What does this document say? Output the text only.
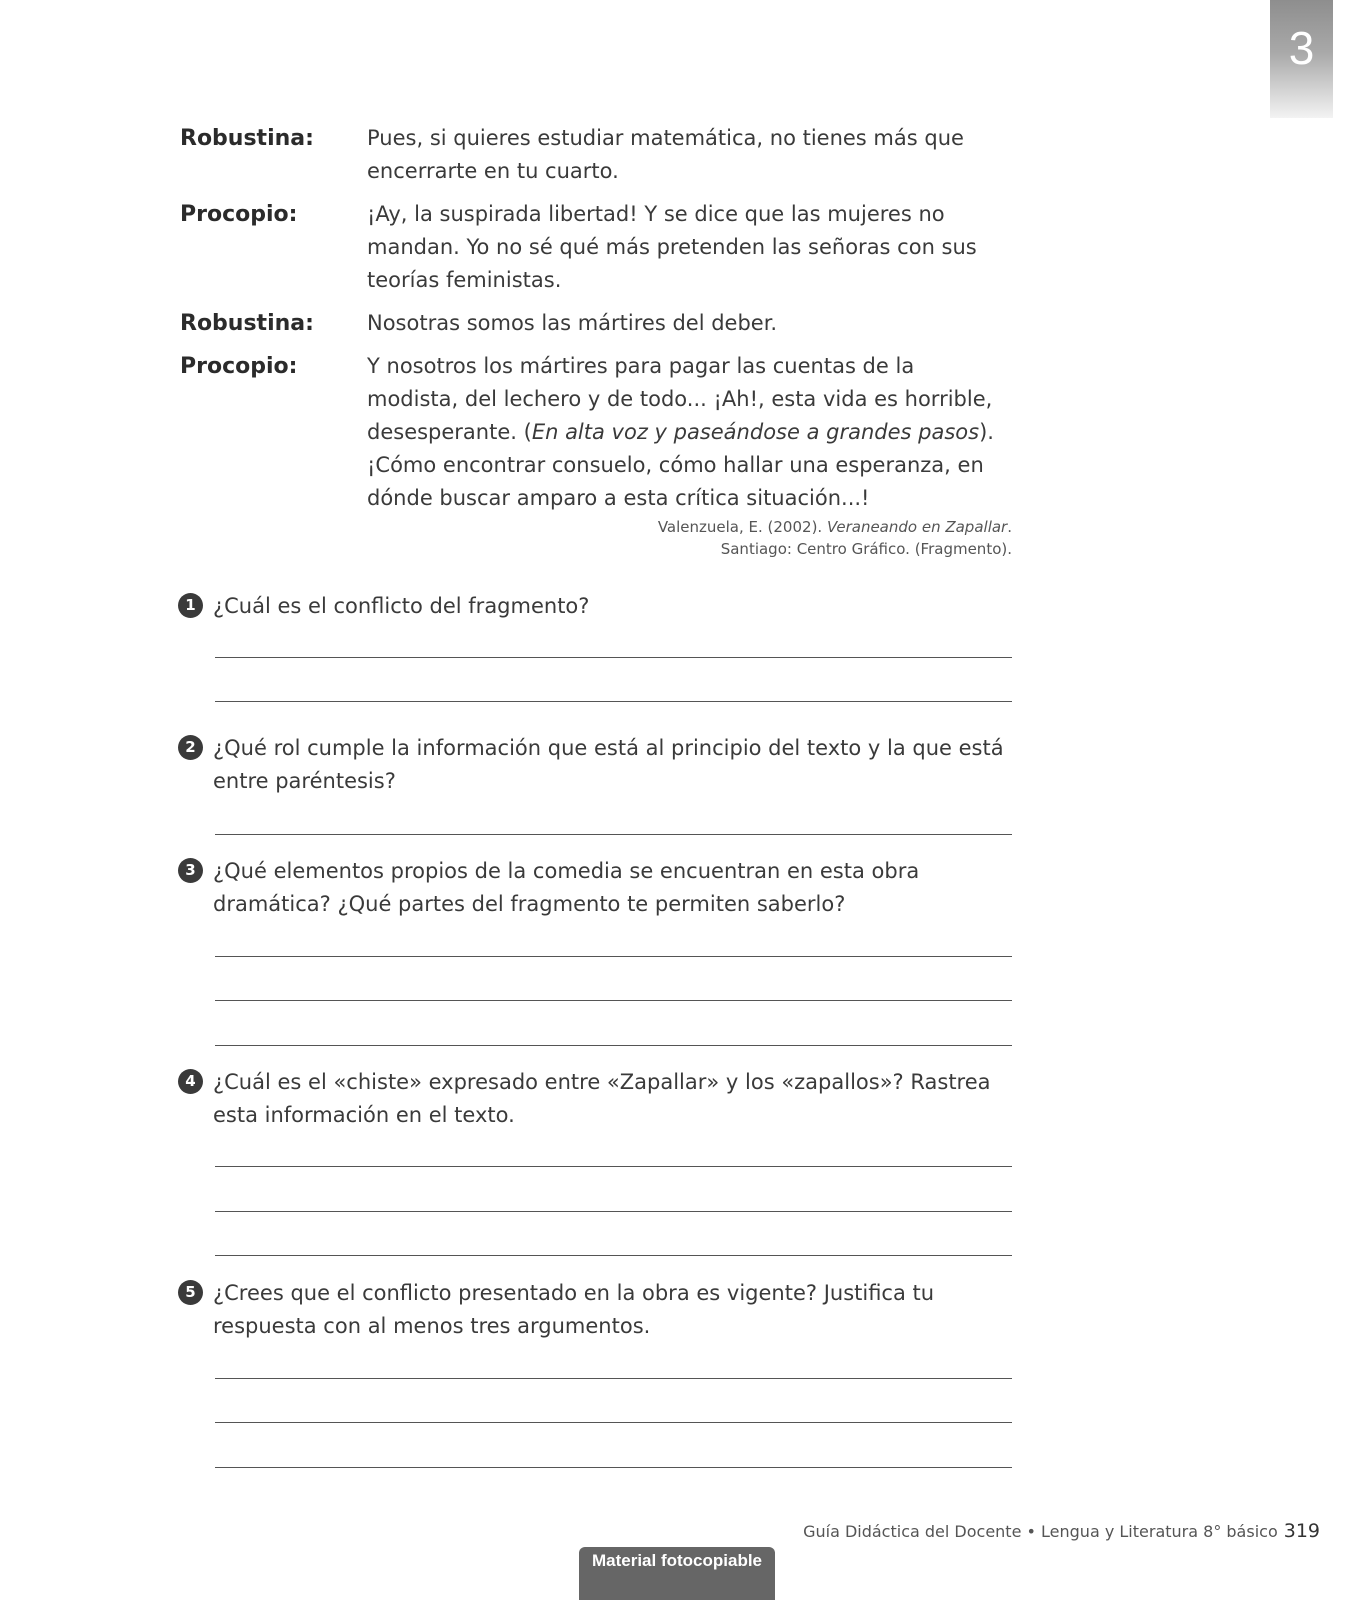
3
Robustina:	Pues, si quieres estudiar matemática, no tienes más que encerrarte en tu cuarto.
Procopio:	¡Ay, la suspirada libertad! Y se dice que las mujeres no mandan. Yo no sé qué más pretenden las señoras con sus teorías feministas.
Robustina:	Nosotras somos las mártires del deber.
Procopio:	Y nosotros los mártires para pagar las cuentas de la modista, del lechero y de todo... ¡Ah!, esta vida es horrible, desesperante. (En alta voz y paseándose a grandes pasos). ¡Cómo encontrar consuelo, cómo hallar una esperanza, en dónde buscar amparo a esta crítica situación...!
Valenzuela, E. (2002). Veraneando en Zapallar.
Santiago: Centro Gráfico. (Fragmento).
1 ¿Cuál es el conflicto del fragmento?
2 ¿Qué rol cumple la información que está al principio del texto y la que está entre paréntesis?
3 ¿Qué elementos propios de la comedia se encuentran en esta obra dramática? ¿Qué partes del fragmento te permiten saberlo?
4 ¿Cuál es el «chiste» expresado entre «Zapallar» y los «zapallos»? Rastrea esta información en el texto.
5 ¿Crees que el conflicto presentado en la obra es vigente? Justifica tu respuesta con al menos tres argumentos.
Guía Didáctica del Docente • Lengua y Literatura 8° básico 319
Material fotocopiable
